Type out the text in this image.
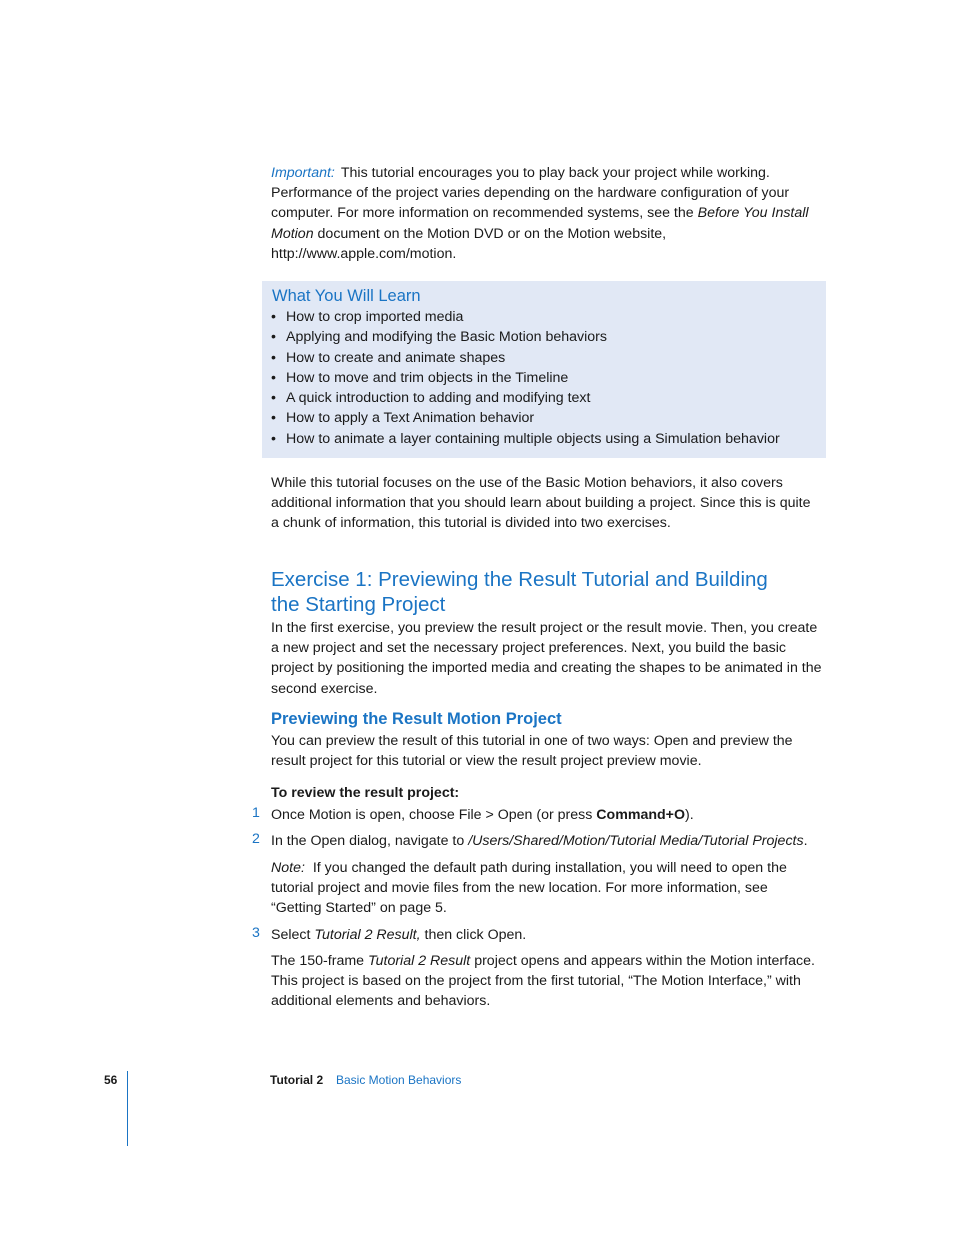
Important: This tutorial encourages you to play back your project while working. Performance of the project varies depending on the hardware configuration of your computer. For more information on recommended systems, see the Before You Install Motion document on the Motion DVD or on the Motion website, http://www.apple.com/motion.

What You Will Learn
• How to crop imported media
• Applying and modifying the Basic Motion behaviors
• How to create and animate shapes
• How to move and trim objects in the Timeline
• A quick introduction to adding and modifying text
• How to apply a Text Animation behavior
• How to animate a layer containing multiple objects using a Simulation behavior

While this tutorial focuses on the use of the Basic Motion behaviors, it also covers additional information that you should learn about building a project. Since this is quite a chunk of information, this tutorial is divided into two exercises.

Exercise 1: Previewing the Result Tutorial and Building
the Starting Project

In the first exercise, you preview the result project or the result movie. Then, you create a new project and set the necessary project preferences. Next, you build the basic project by positioning the imported media and creating the shapes to be animated in the second exercise.

Previewing the Result Motion Project

You can preview the result of this tutorial in one of two ways: Open and preview the result project for this tutorial or view the result project preview movie.

To review the result project:

1 Once Motion is open, choose File > Open (or press Command+O).

2 In the Open dialog, navigate to /Users/Shared/Motion/Tutorial Media/Tutorial Projects.

Note: If you changed the default path during installation, you will need to open the tutorial project and movie files from the new location. For more information, see “Getting Started” on page 5.

3 Select Tutorial 2 Result, then click Open.

The 150-frame Tutorial 2 Result project opens and appears within the Motion interface. This project is based on the project from the first tutorial, “The Motion Interface,” with additional elements and behaviors.

56	Tutorial 2 Basic Motion Behaviors
